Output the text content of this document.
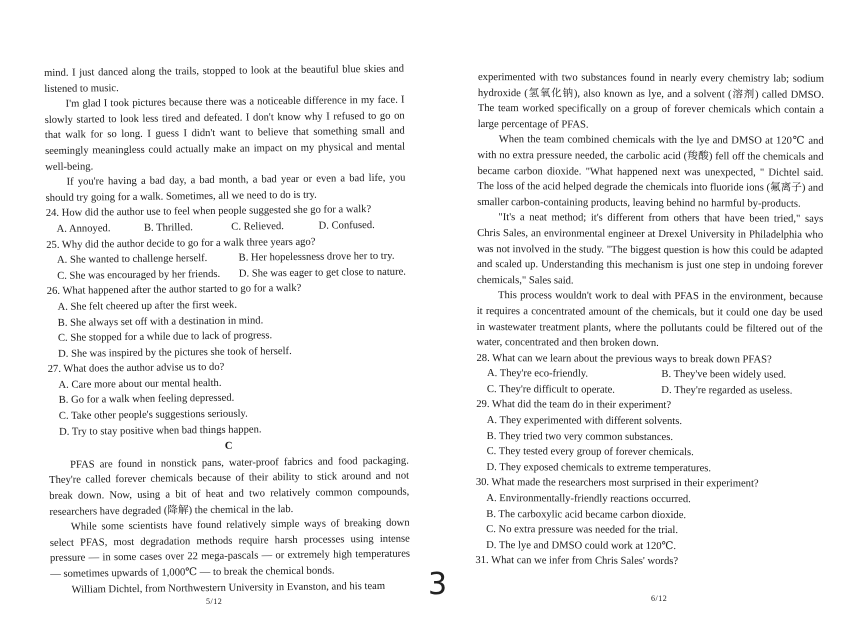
mind. I just danced along the trails, stopped to look at the beautiful blue skies and listened to music.

I'm glad I took pictures because there was a noticeable difference in my face. I slowly started to look less tired and defeated. I don't know why I refused to go on that walk for so long. I guess I didn't want to believe that something small and seemingly meaningless could actually make an impact on my physical and mental well-being.

If you're having a bad day, a bad month, a bad year or even a bad life, you should try going for a walk. Sometimes, all we need to do is try.

24. How did the author use to feel when people suggested she go for a walk?
A. Annoyed.	B. Thrilled.	C. Relieved.	D. Confused.
25. Why did the author decide to go for a walk three years ago?
A. She wanted to challenge herself.	B. Her hopelessness drove her to try.
C. She was encouraged by her friends.	D. She was eager to get close to nature.
26. What happened after the author started to go for a walk?
A. She felt cheered up after the first week.
B. She always set off with a destination in mind.
C. She stopped for a while due to lack of progress.
D. She was inspired by the pictures she took of herself.
27. What does the author advise us to do?
A. Care more about our mental health.
B. Go for a walk when feeling depressed.
C. Take other people's suggestions seriously.
D. Try to stay positive when bad things happen.
C

PFAS are found in nonstick pans, water-proof fabrics and food packaging. They're called forever chemicals because of their ability to stick around and not break down. Now, using a bit of heat and two relatively common compounds, researchers have degraded (降解) the chemical in the lab.

While some scientists have found relatively simple ways of breaking down select PFAS, most degradation methods require harsh processes using intense pressure — in some cases over 22 mega-pascals — or extremely high temperatures — sometimes upwards of 1,000℃ — to break the chemical bonds.

William Dichtel, from Northwestern University in Evanston, and his team

5/12	3

experimented with two substances found in nearly every chemistry lab; sodium hydroxide (氢氧化钠), also known as lye, and a solvent (溶剂) called DMSO. The team worked specifically on a group of forever chemicals which contain a large percentage of PFAS.

When the team combined chemicals with the lye and DMSO at 120℃ and with no extra pressure needed, the carbolic acid (羧酸) fell off the chemicals and became carbon dioxide. "What happened next was unexpected, " Dichtel said. The loss of the acid helped degrade the chemicals into fluoride ions (氟离子) and smaller carbon-containing products, leaving behind no harmful by-products.

"It's a neat method; it's different from others that have been tried," says Chris Sales, an environmental engineer at Drexel University in Philadelphia who was not involved in the study. "The biggest question is how this could be adapted and scaled up. Understanding this mechanism is just one step in undoing forever chemicals," Sales said.

This process wouldn't work to deal with PFAS in the environment, because it requires a concentrated amount of the chemicals, but it could one day be used in wastewater treatment plants, where the pollutants could be filtered out of the water, concentrated and then broken down.

28. What can we learn about the previous ways to break down PFAS?
A. They're eco-friendly.	B. They've been widely used.
C. They're difficult to operate.	D. They're regarded as useless.
29. What did the team do in their experiment?
A. They experimented with different solvents.
B. They tried two very common substances.
C. They tested every group of forever chemicals.
D. They exposed chemicals to extreme temperatures.
30. What made the researchers most surprised in their experiment?
A. Environmentally-friendly reactions occurred.
B. The carboxylic acid became carbon dioxide.
C. No extra pressure was needed for the trial.
D. The lye and DMSO could work at 120℃.
31. What can we infer from Chris Sales' words?
6/12
